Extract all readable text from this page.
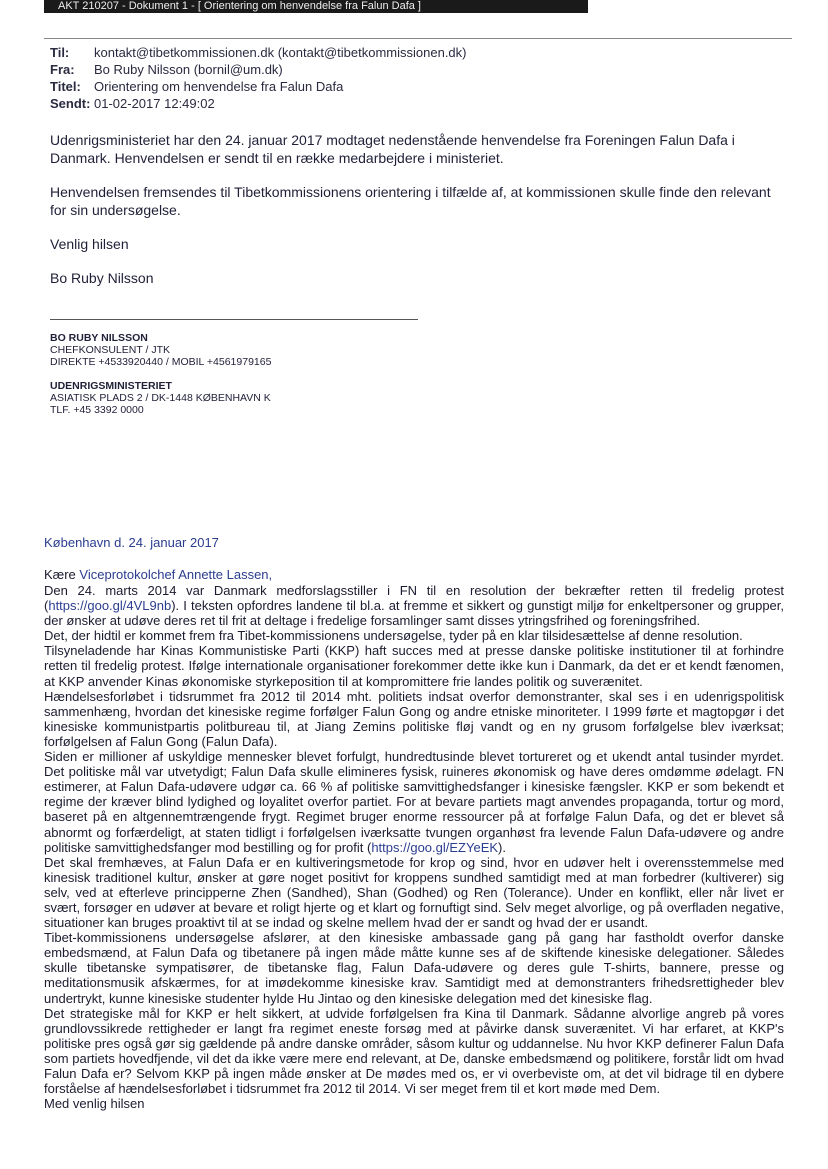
AKT 210207 - Dokument 1 - [ Orientering om henvendelse fra Falun Dafa ]
Til: kontakt@tibetkommissionen.dk (kontakt@tibetkommissionen.dk)
Fra: Bo Ruby Nilsson (bornil@um.dk)
Titel: Orientering om henvendelse fra Falun Dafa
Sendt: 01-02-2017 12:49:02

Udenrigsministeriet har den 24. januar 2017 modtaget nedenstående henvendelse fra Foreningen Falun Dafa i Danmark. Henvendelsen er sendt til en række medarbejdere i ministeriet.

Henvendelsen fremsendes til Tibetkommissionens orientering i tilfælde af, at kommissionen skulle finde den relevant for sin undersøgelse.

Venlig hilsen

Bo Ruby Nilsson

BO RUBY NILSSON
CHEFKONSULENT / JTK
DIREKTE +4533920440 / MOBIL +4561979165
UDENRIGSMINISTERIET
ASIATISK PLADS 2 / DK-1448 KØBENHAVN K
TLF. +45 3392 0000
København d. 24. januar 2017
Kære Viceprotokolchef Annette Lassen,

Den 24. marts 2014 var Danmark medforslagsstiller i FN til en resolution der bekræfter retten til fredelig protest (https://goo.gl/4VL9nb). I teksten opfordres landene til bl.a. at fremme et sikkert og gunstigt miljø for enkeltpersoner og grupper, der ønsker at udøve deres ret til frit at deltage i fredelige forsamlinger samt disses ytringsfrihed og foreningsfrihed.

Det, der hidtil er kommet frem fra Tibet-kommissionens undersøgelse, tyder på en klar tilsidesættelse af denne resolution.

Tilsyneladende har Kinas Kommunistiske Parti (KKP) haft succes med at presse danske politiske institutioner til at forhindre retten til fredelig protest. Ifølge internationale organisationer forekommer dette ikke kun i Danmark, da det er et kendt fænomen, at KKP anvender Kinas økonomiske styrkeposition til at kompromittere frie landes politik og suverænitet.

Hændelsesforløbet i tidsrummet fra 2012 til 2014 mht. politiets indsat overfor demonstranter, skal ses i en udenrigspolitisk sammenhæng, hvordan det kinesiske regime forfølger Falun Gong og andre etniske minoriteter. I 1999 førte et magtopgør i det kinesiske kommunistpartis politbureau til, at Jiang Zemins politiske fløj vandt og en ny grusom forfølgelse blev iværksat; forfølgelsen af Falun Gong (Falun Dafa).

Siden er millioner af uskyldige mennesker blevet forfulgt, hundredtusinde blevet tortureret og et ukendt antal tusinder myrdet. Det politiske mål var utvetydigt; Falun Dafa skulle elimineres fysisk, ruineres økonomisk og have deres omdømme ødelagt. FN estimerer, at Falun Dafa-udøvere udgør ca. 66 % af politiske samvittighedsfanger i kinesiske fængsler. KKP er som bekendt et regime der kræver blind lydighed og loyalitet overfor partiet. For at bevare partiets magt anvendes propaganda, tortur og mord, baseret på en altgennemtrængende frygt. Regimet bruger enorme ressourcer på at forfølge Falun Dafa, og det er blevet så abnormt og forfærdeligt, at staten tidligt i forfølgelsen iværksatte tvungen organhøst fra levende Falun Dafa-udøvere og andre politiske samvittighedsfanger mod bestilling og for profit (https://goo.gl/EZYeEK).

Det skal fremhæves, at Falun Dafa er en kultiveringsmetode for krop og sind, hvor en udøver helt i overensstemmelse med kinesisk traditionel kultur, ønsker at gøre noget positivt for kroppens sundhed samtidigt med at man forbedrer (kultiverer) sig selv, ved at efterleve principperne Zhen (Sandhed), Shan (Godhed) og Ren (Tolerance). Under en konflikt, eller når livet er svært, forsøger en udøver at bevare et roligt hjerte og et klart og fornuftigt sind. Selv meget alvorlige, og på overfladen negative, situationer kan bruges proaktivt til at se indad og skelne mellem hvad der er sandt og hvad der er usandt.

Tibet-kommissionens undersøgelse afslører, at den kinesiske ambassade gang på gang har fastholdt overfor danske embedsmænd, at Falun Dafa og tibetanere på ingen måde måtte kunne ses af de skiftende kinesiske delegationer. Således skulle tibetanske sympatisører, de tibetanske flag, Falun Dafa-udøvere og deres gule T-shirts, bannere, presse og meditationsmusik afskærmes, for at imødekomme kinesiske krav. Samtidigt med at demonstranters frihedsrettigheder blev undertrykt, kunne kinesiske studenter hylde Hu Jintao og den kinesiske delegation med det kinesiske flag.

Det strategiske mål for KKP er helt sikkert, at udvide forfølgelsen fra Kina til Danmark. Sådanne alvorlige angreb på vores grundlovssikrede rettigheder er langt fra regimet eneste forsøg med at påvirke dansk suverænitet. Vi har erfaret, at KKP's politiske pres også gør sig gældende på andre danske områder, såsom kultur og uddannelse. Nu hvor KKP definerer Falun Dafa som partiets hovedfjende, vil det da ikke være mere end relevant, at De, danske embedsmænd og politikere, forstår lidt om hvad Falun Dafa er? Selvom KKP på ingen måde ønsker at De mødes med os, er vi overbeviste om, at det vil bidrage til en dybere forståelse af hændelsesforløbet i tidsrummet fra 2012 til 2014. Vi ser meget frem til et kort møde med Dem.

Med venlig hilsen
